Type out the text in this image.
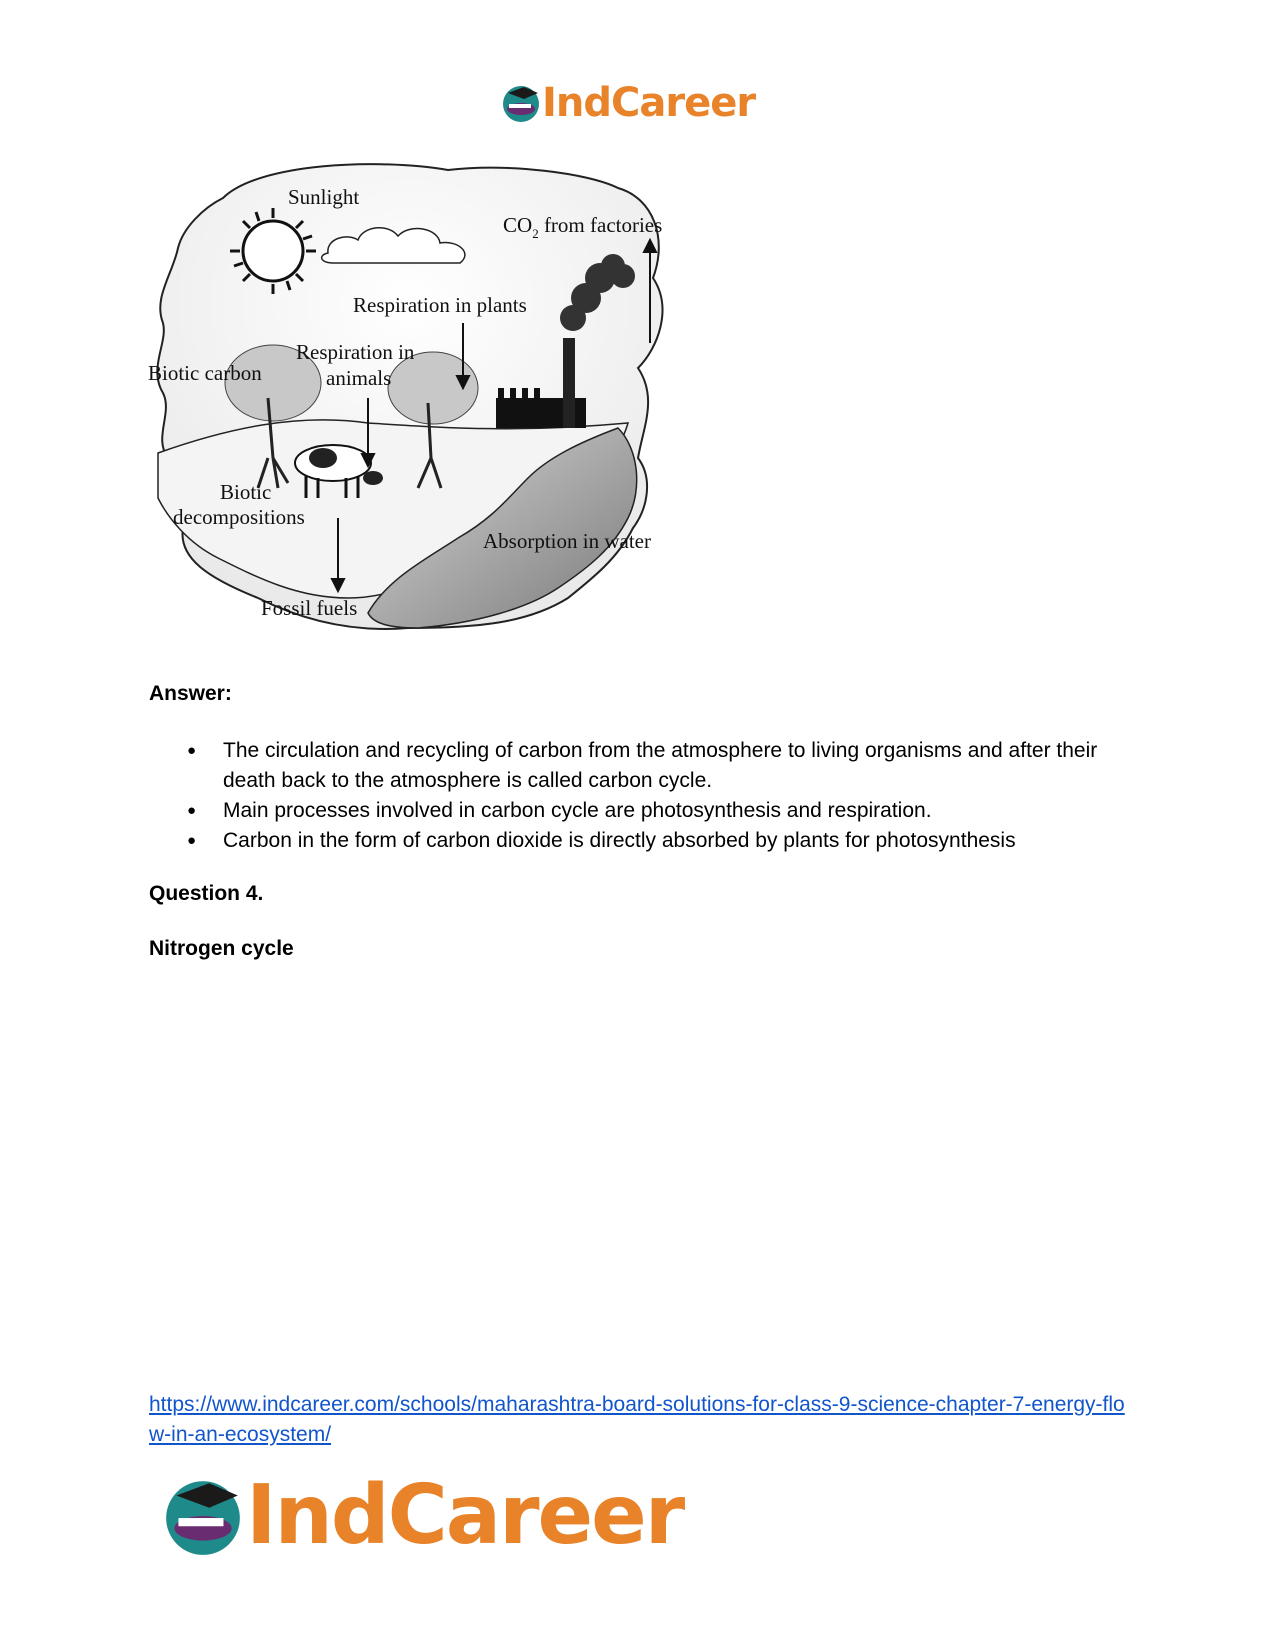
IndCareer
Sunlight
$CO_2$ from factories
Respiration in plants
Respiration in
animals
Biotic carbon
Biotic
decompositions
Absorption in water
Fossil fuels
Answer:
● The circulation and recycling of carbon from the atmosphere to living organisms and after their death back to the atmosphere is called carbon cycle.
● Main processes involved in carbon cycle are photosynthesis and respiration.
● Carbon in the form of carbon dioxide is directly absorbed by plants for photosynthesis
Question 4.
Nitrogen cycle
https://www.indcareer.com/schools/maharashtra-board-solutions-for-class-9-science-chapter-7-energy-flow-in-an-ecosystem/
IndCareer
